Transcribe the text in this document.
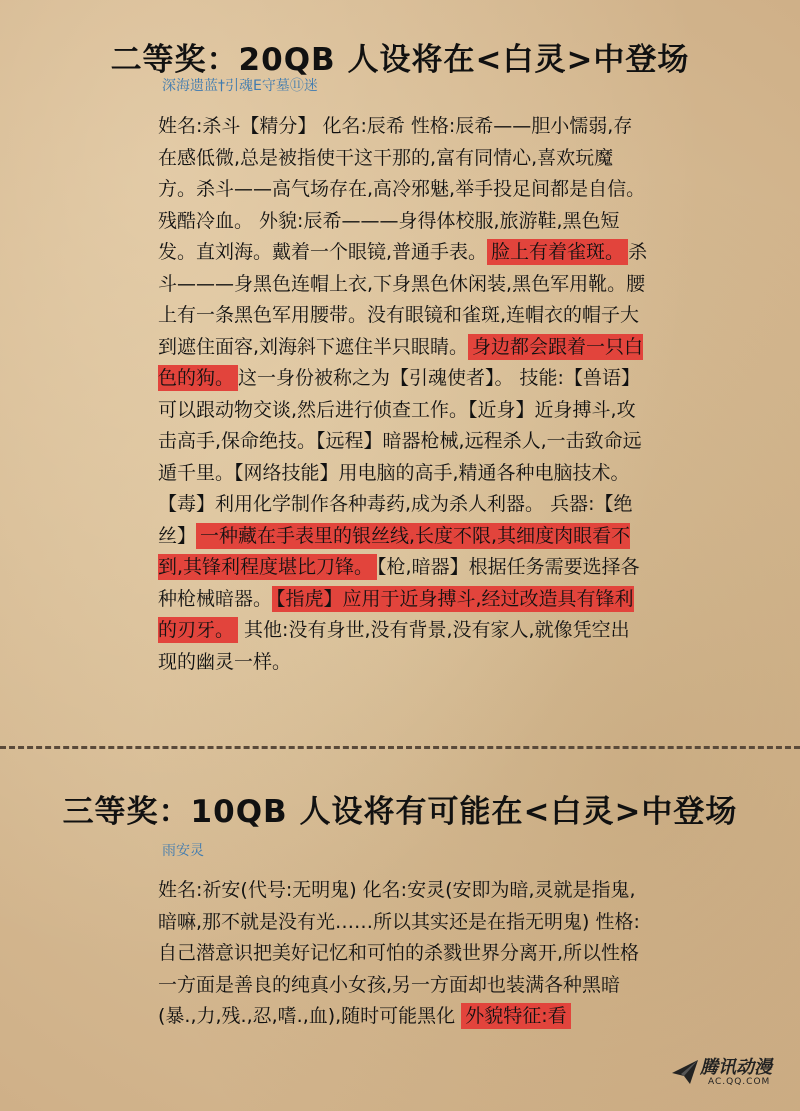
二等奖：20QB 人设将在<白灵>中登场
深海遗蓝†引魂E守墓⑪迷

姓名:杀斗【精分】 化名:辰希 性格:辰希——胆小懦弱,存在感低微,总是被指使干这干那的,富有同情心,喜欢玩魔方。杀斗——高气场存在,高冷邪魅,举手投足间都是自信。残酷冷血。 外貌:辰希———身得体校服,旅游鞋,黑色短发。直刘海。戴着一个眼镜,普通手表。 脸上有着雀斑。 杀斗———身黑色连帽上衣,下身黑色休闲装,黑色军用靴。腰上有一条黑色军用腰带。没有眼镜和雀斑,连帽衣的帽子大到遮住面容,刘海斜下遮住半只眼睛。 身边都会跟着一只白色的狗。 这一身份被称之为【引魂使者】。 技能:【兽语】可以跟动物交谈,然后进行侦查工作。【近身】近身搏斗,攻击高手,保命绝技。【远程】暗器枪械,远程杀人,一击致命远遁千里。【网络技能】用电脑的高手,精通各种电脑技术。【毒】利用化学制作各种毒药,成为杀人利器。 兵器:【绝丝】 一种藏在手表里的银丝线,长度不限,其细度肉眼看不到,其锋利程度堪比刀锋。 【枪,暗器】根据任务需要选择各种枪械暗器。 【指虎】应用于近身搏斗,经过改造具有锋利的刃牙。 其他:没有身世,没有背景,没有家人,就像凭空出现的幽灵一样。

三等奖：10QB 人设将有可能在<白灵>中登场
雨安灵

姓名:祈安(代号:无明鬼) 化名:安灵(安即为暗,灵就是指鬼,暗嘛,那不就是没有光……所以其实还是在指无明鬼) 性格:自己潜意识把美好记忆和可怕的杀戮世界分离开,所以性格一方面是善良的纯真小女孩,另一方面却也装满各种黑暗(暴.,力,残.,忍,嗜.,血),随时可能黑化 外貌特征:看

腾讯动漫
AC.QQ.COM
